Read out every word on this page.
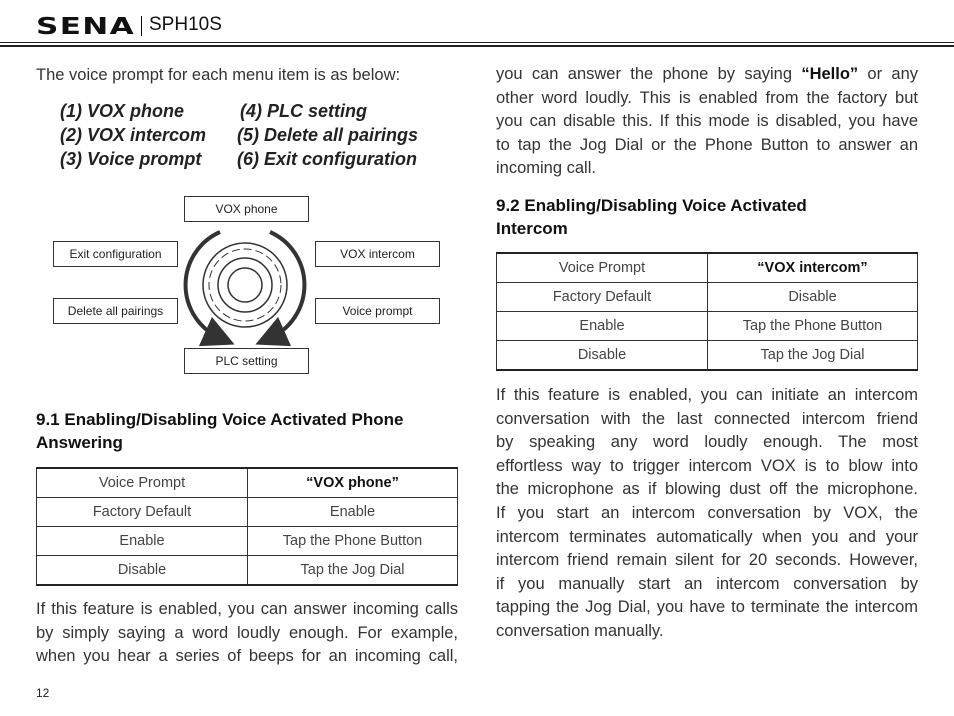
SENA SPH10S

The voice prompt for each menu item is as below:

(1) VOX phone	(4) PLC setting
(2) VOX intercom (5) Delete all pairings
(3) Voice prompt (6) Exit configuration
VOX phone
VOX intercom
Voice prompt
PLC setting
Delete all pairings
Exit configuration
9.1 Enabling/Disabling Voice Activated Phone
Answering
Voice Prompt	“VOX phone”
Factory Default	Enable
Enable	Tap the Phone Button
Disable	Tap the Jog Dial
If this feature is enabled, you can answer incoming calls
by simply saying a word loudly enough. For example,
when you hear a series of beeps for an incoming call,
you can answer the phone by saying “Hello” or any
other word loudly. This is enabled from the factory but
you can disable this. If this mode is disabled, you have
to tap the Jog Dial or the Phone Button to answer an
incoming call.
9.2 Enabling/Disabling Voice Activated
Intercom
Voice Prompt	“VOX intercom”
Factory Default	Disable
Enable	Tap the Phone Button
Disable	Tap the Jog Dial
If this feature is enabled, you can initiate an intercom
conversation with the last connected intercom friend
by speaking any word loudly enough. The most
effortless way to trigger intercom VOX is to blow into
the microphone as if blowing dust off the microphone.
If you start an intercom conversation by VOX, the
intercom terminates automatically when you and your
intercom friend remain silent for 20 seconds. However,
if you manually start an intercom conversation by
tapping the Jog Dial, you have to terminate the intercom
conversation manually.
12
